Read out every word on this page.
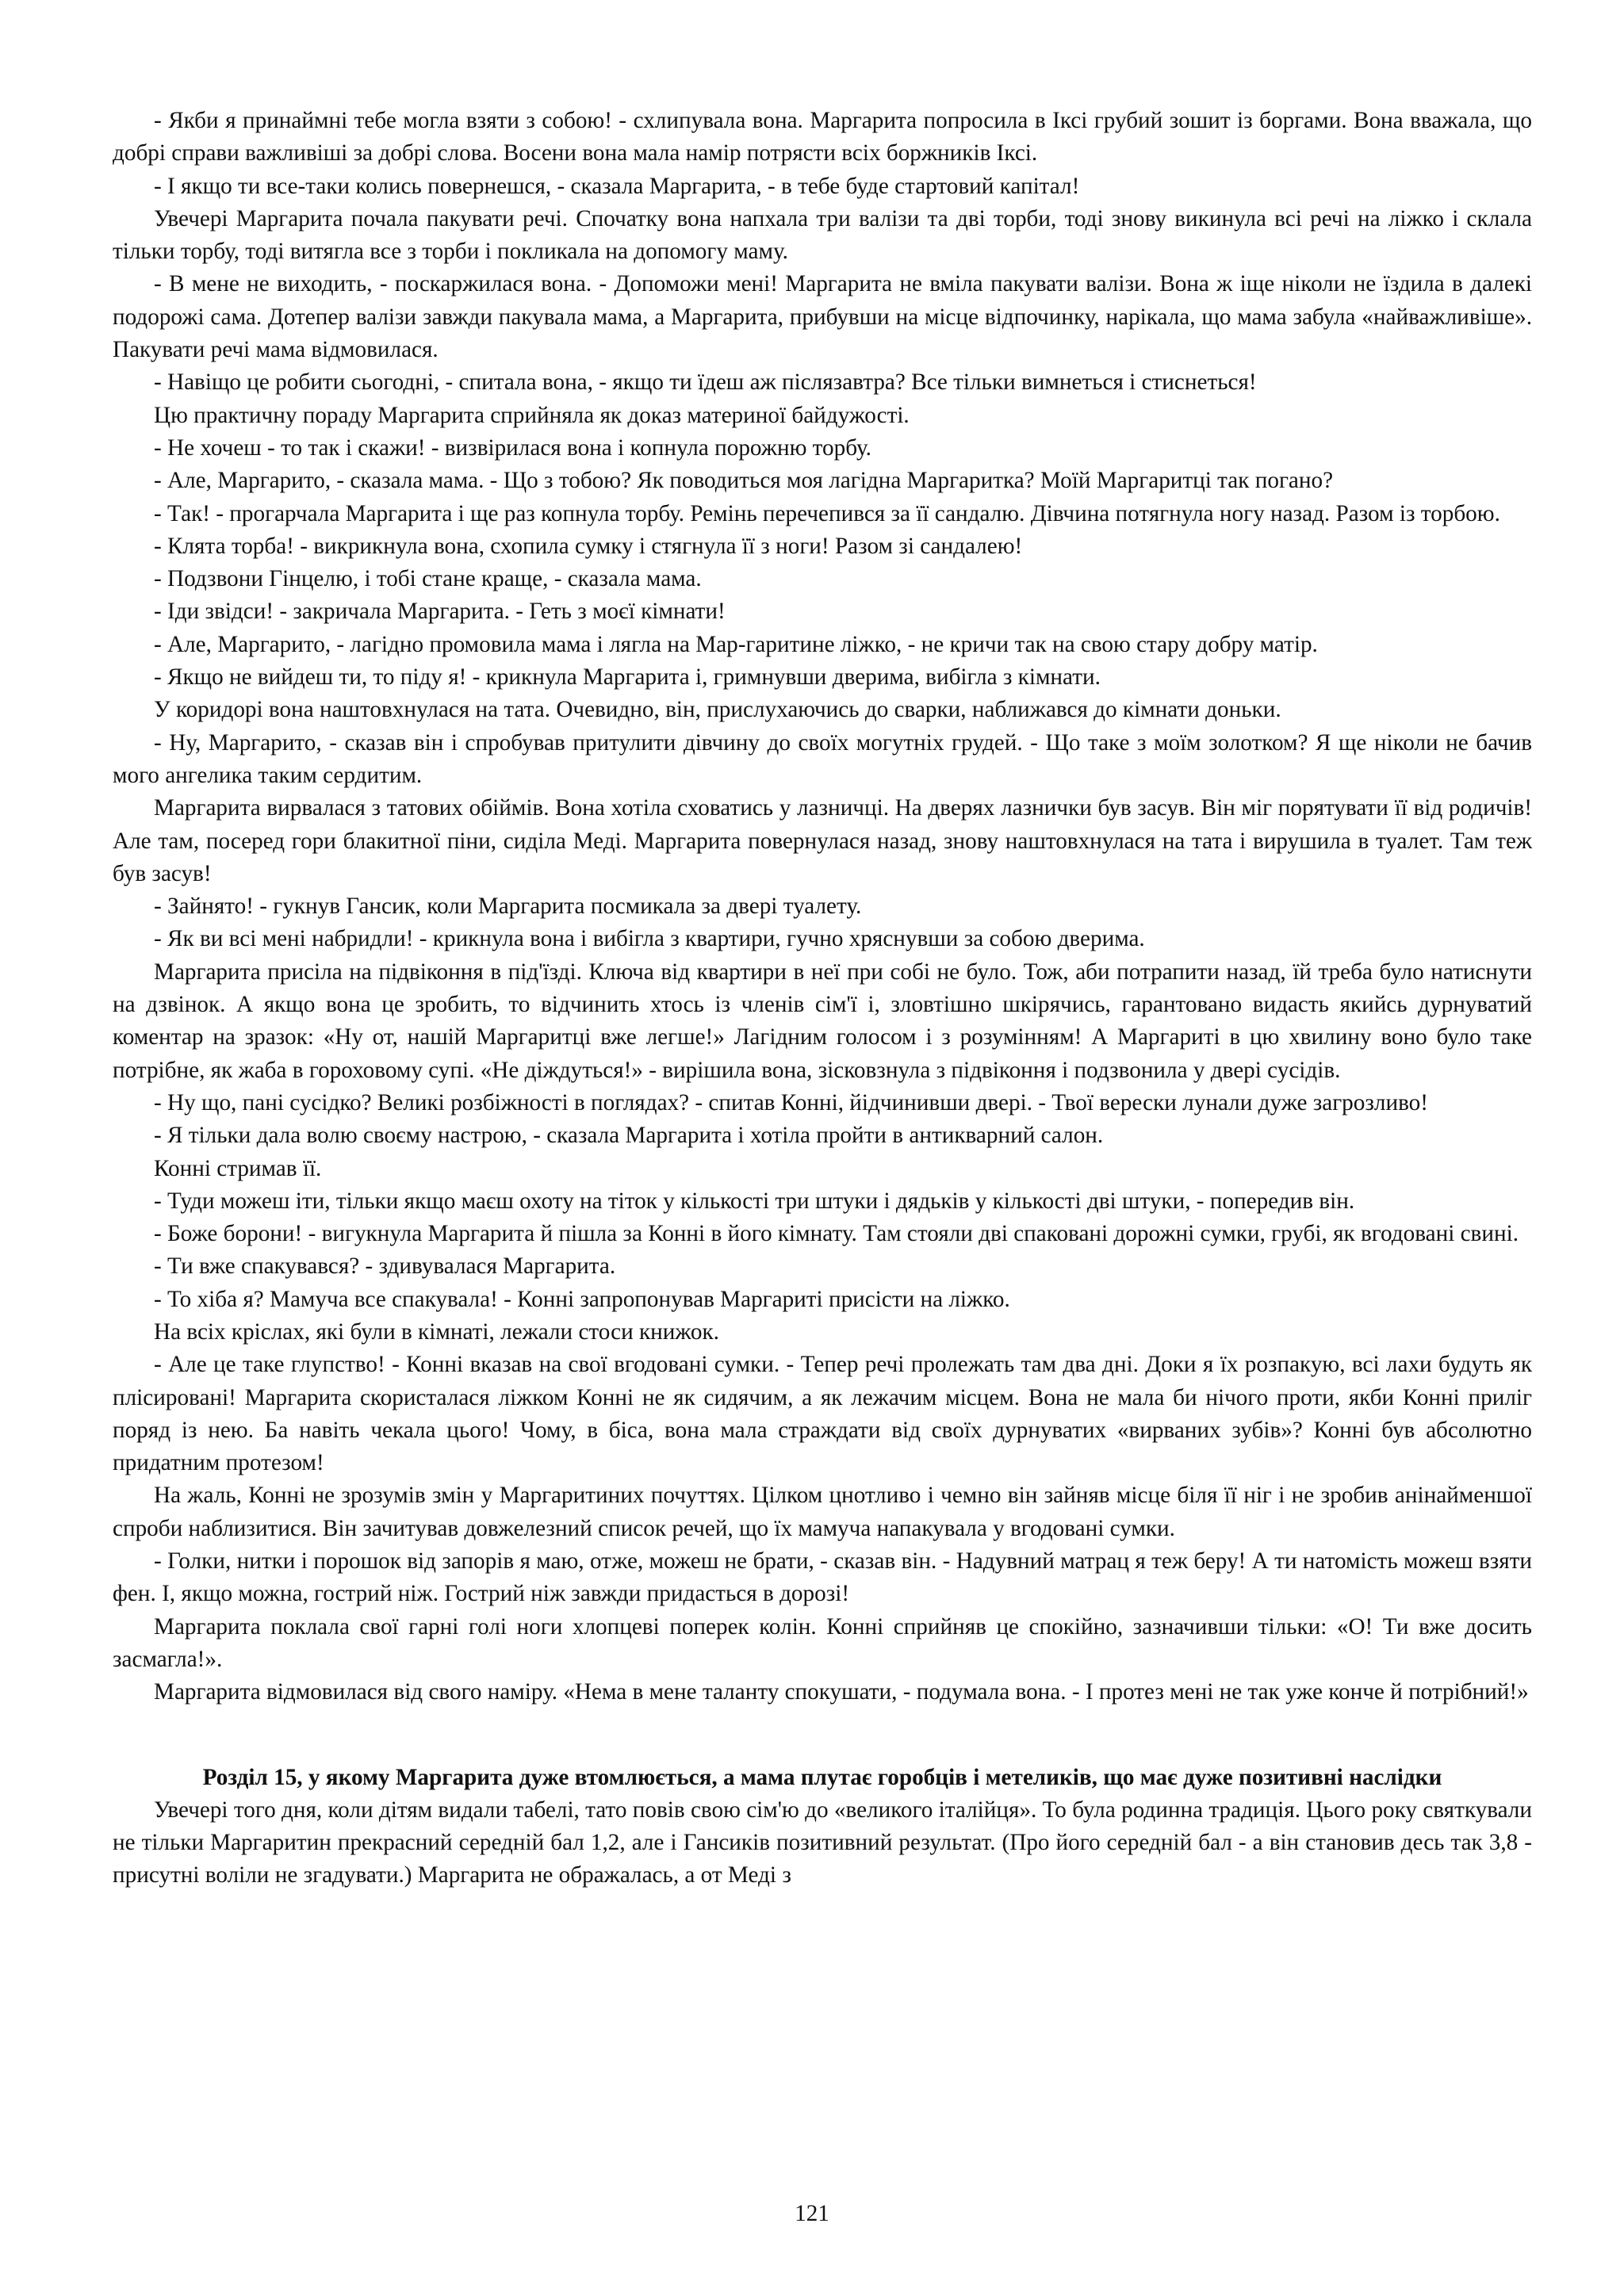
- Якби я принаймні тебе могла взяти з собою! - схлипувала вона. Маргарита попросила в Іксі грубий зошит із боргами. Вона вважала, що добрі справи важливіші за добрі слова. Восени вона мала намір потрясти всіх боржників Іксі.

- І якщо ти все-таки колись повернешся, - сказала Маргарита, - в тебе буде стартовий капітал!

Увечері Маргарита почала пакувати речі. Спочатку вона напхала три валізи та дві торби, тоді знову викинула всі речі на ліжко і склала тільки торбу, тоді витягла все з торби і покликала на допомогу маму.

- В мене не виходить, - поскаржилася вона. - Допоможи мені! Маргарита не вміла пакувати валізи. Вона ж іще ніколи не їздила в далекі подорожі сама. Дотепер валізи завжди пакувала мама, а Маргарита, прибувши на місце відпочинку, нарікала, що мама забула «найважливіше». Пакувати речі мама відмовилася.

- Навіщо це робити сьогодні, - спитала вона, - якщо ти їдеш аж післязавтра? Все тільки вимнеться і стиснеться!

Цю практичну пораду Маргарита сприйняла як доказ материної байдужості.

- Не хочеш - то так і скажи! - визвірилася вона і копнула порожню торбу.

- Але, Маргарито, - сказала мама. - Що з тобою? Як поводиться моя лагідна Маргаритка? Моїй Маргаритці так погано?

- Так! - прогарчала Маргарита і ще раз копнула торбу. Ремінь перечепився за її сандалю. Дівчина потягнула ногу назад. Разом із торбою.

- Клята торба! - викрикнула вона, схопила сумку і стягнула її з ноги! Разом зі сандалею!

- Подзвони Гінцелю, і тобі стане краще, - сказала мама.

- Іди звідси! - закричала Маргарита. - Геть з моєї кімнати!

- Але, Маргарито, - лагідно промовила мама і лягла на Мар-гаритине ліжко, - не кричи так на свою стару добру матір.

- Якщо не вийдеш ти, то піду я! - крикнула Маргарита і, гримнувши дверима, вибігла з кімнати.

У коридорі вона наштовхнулася на тата. Очевидно, він, прислухаючись до сварки, наближався до кімнати доньки.

- Ну, Маргарито, - сказав він і спробував притулити дівчину до своїх могутніх грудей. - Що таке з моїм золотком? Я ще ніколи не бачив мого ангелика таким сердитим.

Маргарита вирвалася з татових обіймів. Вона хотіла сховатись у лазничці. На дверях лазнички був засув. Він міг порятувати її від родичів! Але там, посеред гори блакитної піни, сиділа Меді. Маргарита повернулася назад, знову наштовхнулася на тата і вирушила в туалет. Там теж був засув!

- Зайнято! - гукнув Гансик, коли Маргарита посмикала за двері туалету.

- Як ви всі мені набридли! - крикнула вона і вибігла з квартири, гучно хряснувши за собою дверима.

Маргарита присіла на підвіконня в під'їзді. Ключа від квартири в неї при собі не було. Тож, аби потрапити назад, їй треба було натиснути на дзвінок. А якщо вона це зробить, то відчинить хтось із членів сім'ї і, зловтішно шкірячись, гарантовано видасть якийсь дурнуватий коментар на зразок: «Ну от, нашій Маргаритці вже легше!» Лагідним голосом і з розумінням! А Маргариті в цю хвилину воно було таке потрібне, як жаба в гороховому супі. «Не діждуться!» - вирішила вона, зісковзнула з підвіконня і подзвонила у двері сусідів.

- Ну що, пані сусідко? Великі розбіжності в поглядах? - спитав Конні, йідчинивши двері. - Твої верески лунали дуже загрозливо!

- Я тільки дала волю своєму настрою, - сказала Маргарита і хотіла пройти в антикварний салон.

Конні стримав її.

- Туди можеш іти, тільки якщо маєш охоту на тіток у кількості три штуки і дядьків у кількості дві штуки, - попередив він.

- Боже борони! - вигукнула Маргарита й пішла за Конні в його кімнату. Там стояли дві спаковані дорожні сумки, грубі, як вгодовані свині.

- Ти вже спакувався? - здивувалася Маргарита.

- То хіба я? Мамуча все спакувала! - Конні запропонував Маргариті присісти на ліжко.

На всіх кріслах, які були в кімнаті, лежали стоси книжок.

- Але це таке глупство! - Конні вказав на свої вгодовані сумки. - Тепер речі пролежать там два дні. Доки я їх розпакую, всі лахи будуть як плісировані! Маргарита скористалася ліжком Конні не як сидячим, а як лежачим місцем. Вона не мала би нічого проти, якби Конні приліг поряд із нею. Ба навіть чекала цього! Чому, в біса, вона мала страждати від своїх дурнуватих «вирваних зубів»? Конні був абсолютно придатним протезом!

На жаль, Конні не зрозумів змін у Маргаритиних почуттях. Цілком цнотливо і чемно він зайняв місце біля її ніг і не зробив анінайменшої спроби наблизитися. Він зачитував довжелезний список речей, що їх мамуча напакувала у вгодовані сумки.

- Голки, нитки і порошок від запорів я маю, отже, можеш не брати, - сказав він. - Надувний матрац я теж беру! А ти натомість можеш взяти фен. І, якщо можна, гострий ніж. Гострий ніж завжди придасться в дорозі!

Маргарита поклала свої гарні голі ноги хлопцеві поперек колін. Конні сприйняв це спокійно, зазначивши тільки: «О! Ти вже досить засмагла!».

Маргарита відмовилася від свого наміру. «Нема в мене таланту спокушати, - подумала вона. - І протез мені не так уже конче й потрібний!»

Розділ 15, у якому Маргарита дуже втомлюється, а мама плутає горобців і метеликів, що має дуже позитивні наслідки

Увечері того дня, коли дітям видали табелі, тато повів свою сім'ю до «великого італійця». То була родинна традиція. Цього року святкували не тільки Маргаритин прекрасний середній бал 1,2, але і Гансиків позитивний результат. (Про його середній бал - а він становив десь так 3,8 - присутні воліли не згадувати.) Маргарита не ображалась, а от Меді з

121
